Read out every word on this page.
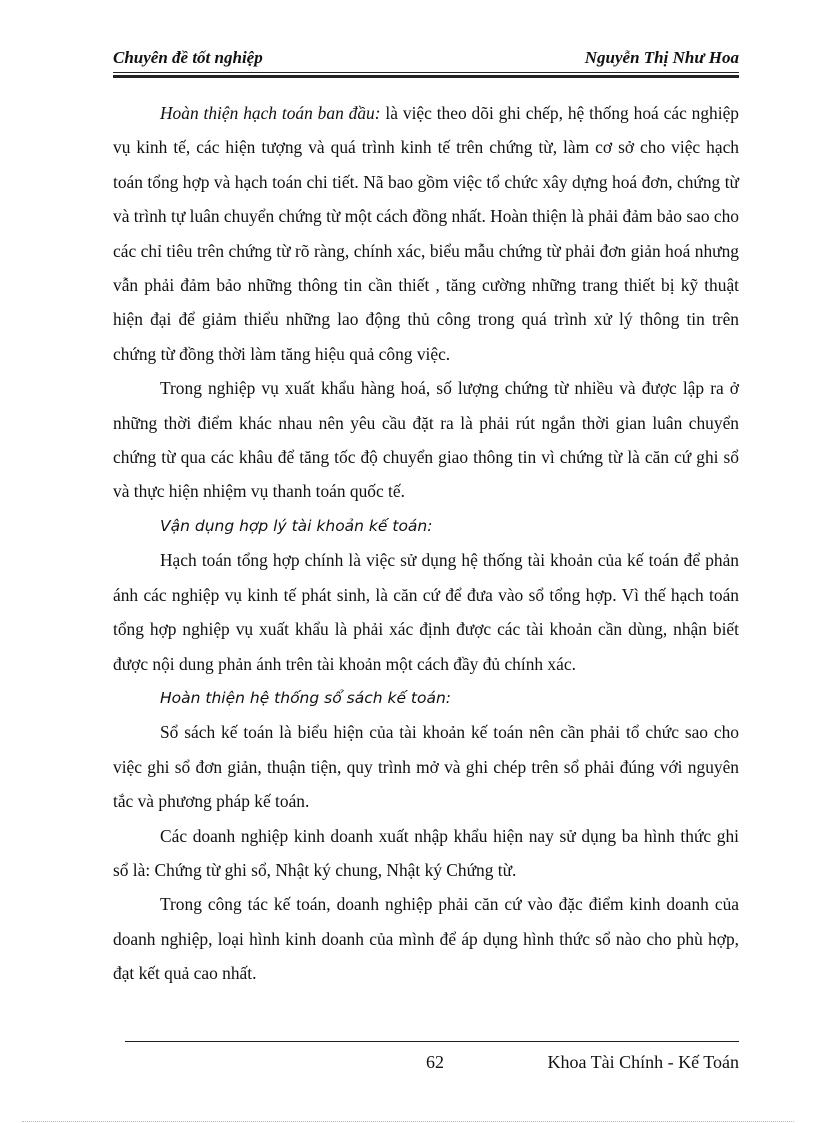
Chuyên đề tốt nghiệp	Nguyễn Thị Như Hoa

Hoàn thiện hạch toán ban đầu: là việc theo dõi ghi chếp, hệ thống hoá các nghiệp vụ kinh tế, các hiện tượng và quá trình kinh tế trên chứng từ, làm cơ sở cho việc hạch toán tổng hợp và hạch toán chi tiết. Nã bao gồm việc tổ chức xây dựng hoá đơn, chứng từ và trình tự luân chuyển chứng từ một cách đồng nhất. Hoàn thiện là phải đảm bảo sao cho các chỉ tiêu trên chứng từ rõ ràng, chính xác, biểu mẫu chứng từ phải đơn giản hoá nhưng vẫn phải đảm bảo những thông tin cần thiết , tăng cường những trang thiết bị kỹ thuật hiện đại để giảm thiểu những lao động thủ công trong quá trình xử lý thông tin trên chứng từ đồng thời làm tăng hiệu quả công việc.

Trong nghiệp vụ xuất khẩu hàng hoá, số lượng chứng từ nhiều và được lập ra ở những thời điểm khác nhau nên yêu cầu đặt ra là phải rút ngắn thời gian luân chuyển chứng từ qua các khâu để tăng tốc độ chuyển giao thông tin vì chứng từ là căn cứ ghi sổ và thực hiện nhiệm vụ thanh toán quốc tế.

Vận dụng hợp lý tài khoản kế toán:

Hạch toán tổng hợp chính là việc sử dụng hệ thống tài khoản của kế toán để phản ánh các nghiệp vụ kinh tế phát sinh, là căn cứ để đưa vào sổ tổng hợp. Vì thế hạch toán tổng hợp nghiệp vụ xuất khẩu là phải xác định được các tài khoản cần dùng, nhận biết được nội dung phản ánh trên tài khoản một cách đầy đủ chính xác.

Hoàn thiện hệ thống sổ sách kế toán:

Sổ sách kế toán là biểu hiện của tài khoản kế toán nên cần phải tổ chức sao cho việc ghi sổ đơn giản, thuận tiện, quy trình mở và ghi chép trên sổ phải đúng với nguyên tắc và phương pháp kế toán.

Các doanh nghiệp kinh doanh xuất nhập khẩu hiện nay sử dụng ba hình thức ghi sổ là: Chứng từ ghi sổ, Nhật ký chung, Nhật ký Chứng từ.

Trong công tác kế toán, doanh nghiệp phải căn cứ vào đặc điểm kinh doanh của doanh nghiệp, loại hình kinh doanh của mình để áp dụng hình thức sổ nào cho phù hợp, đạt kết quả cao nhất.

62	Khoa Tài Chính - Kế Toán
